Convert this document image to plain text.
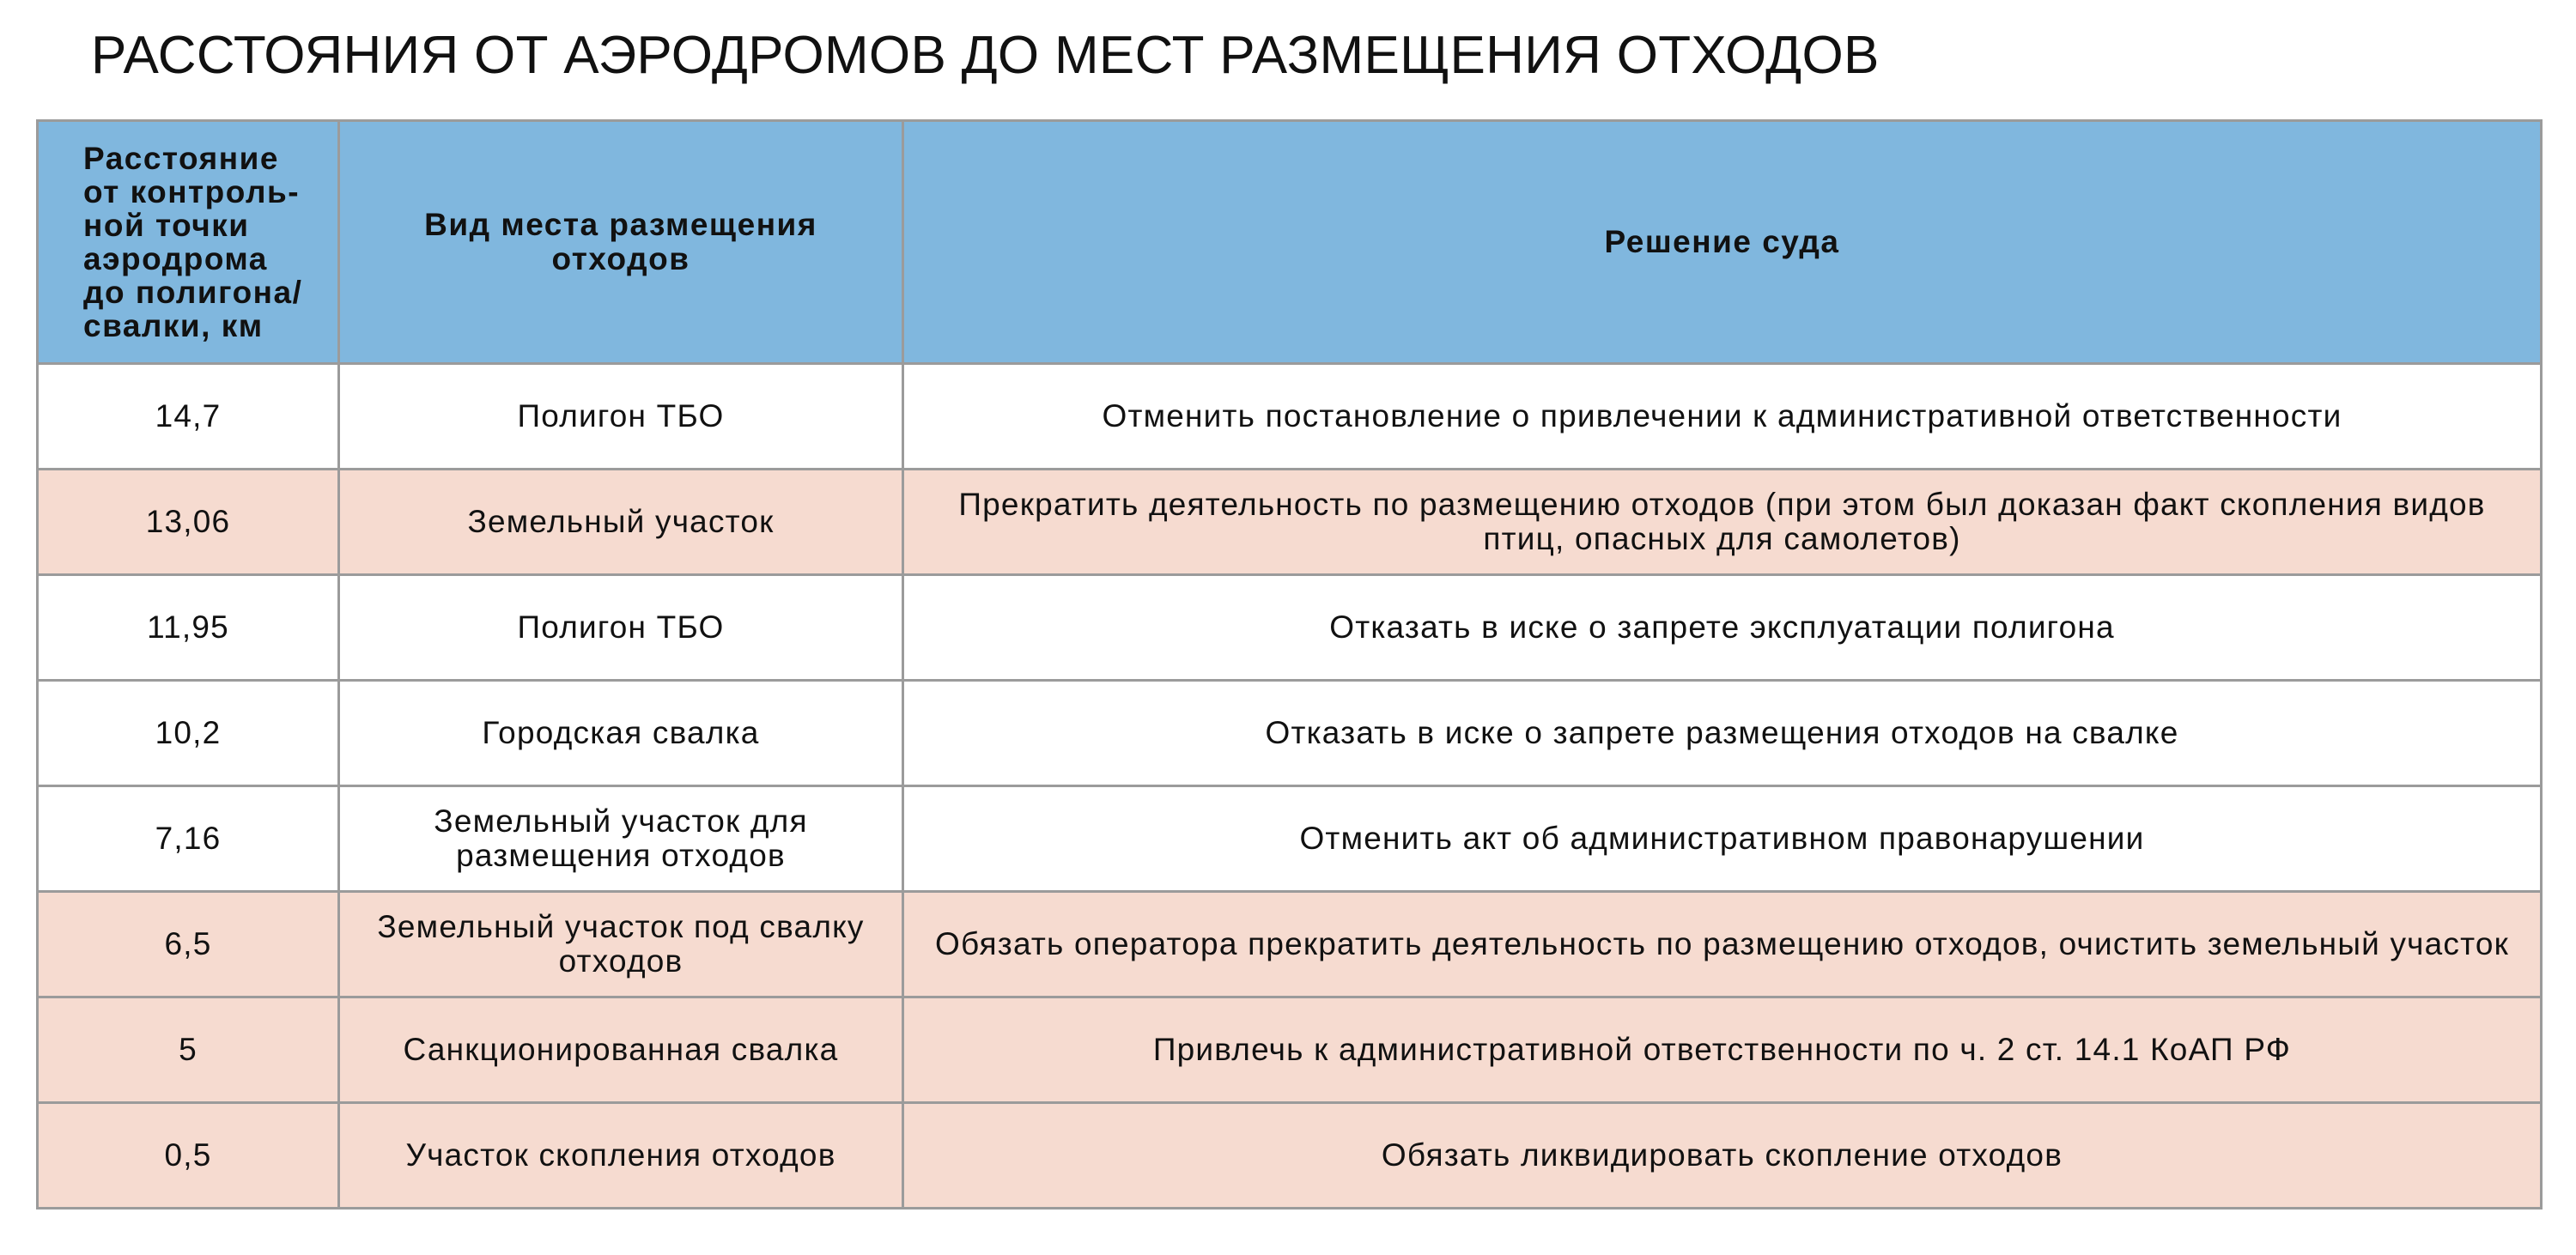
РАССТОЯНИЯ ОТ АЭРОДРОМОВ ДО МЕСТ РАЗМЕЩЕНИЯ ОТХОДОВ
Расстояние от контроль-ной точки аэродрома до полигона/ свалки, км	Вид места размещения отходов	Решение суда
14,7	Полигон ТБО	Отменить постановление о привлечении к административной ответственности
13,06	Земельный участок	Прекратить деятельность по размещению отходов (при этом был доказан факт скопления видов птиц, опасных для самолетов)
11,95	Полигон ТБО	Отказать в иске о запрете эксплуатации полигона
10,2	Городская свалка	Отказать в иске о запрете размещения отходов на свалке
7,16	Земельный участок для размещения отходов	Отменить акт об административном правонарушении
6,5	Земельный участок под свалку отходов	Обязать оператора прекратить деятельность по размещению отходов, очистить земельный участок
5	Санкционированная свалка	Привлечь к административной ответственности по ч. 2 ст. 14.1 КоАП РФ
0,5	Участок скопления отходов	Обязать ликвидировать скопление отходов
